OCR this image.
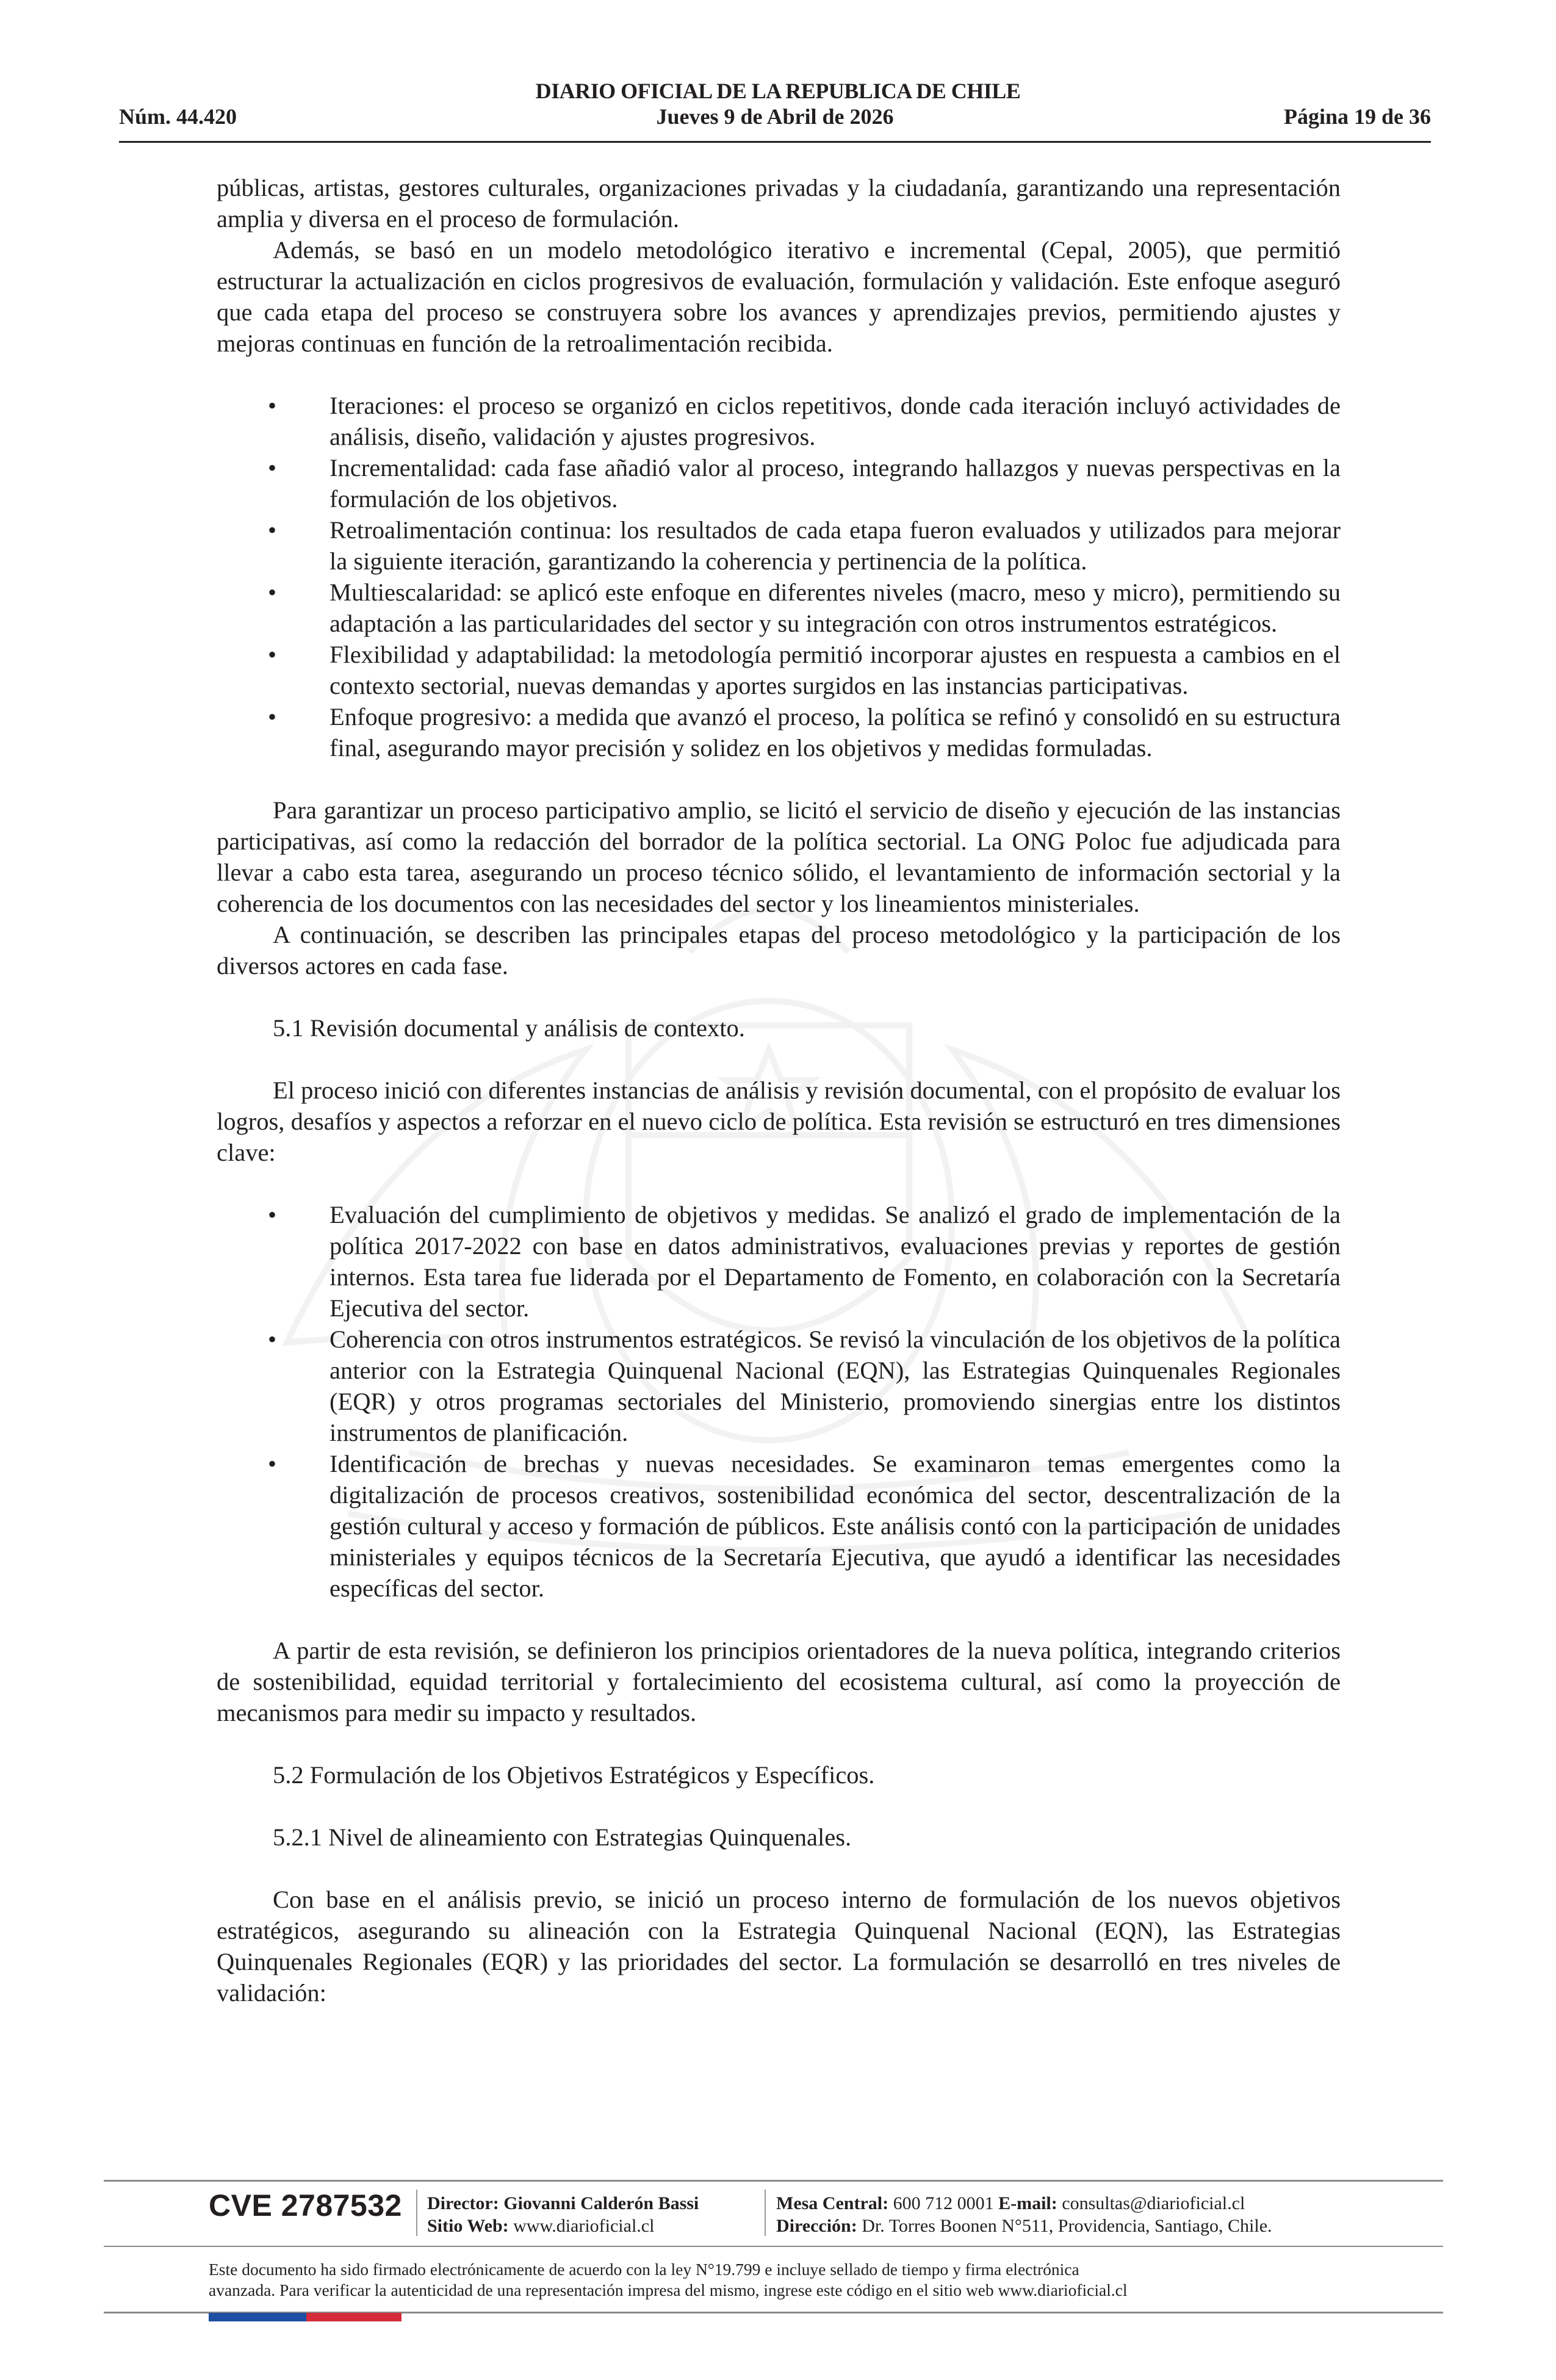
DIARIO OFICIAL DE LA REPUBLICA DE CHILE
Núm. 44.420	Jueves 9 de Abril de 2026	Página 19 de 36

públicas, artistas, gestores culturales, organizaciones privadas y la ciudadanía, garantizando una representación amplia y diversa en el proceso de formulación.

Además, se basó en un modelo metodológico iterativo e incremental (Cepal, 2005), que permitió estructurar la actualización en ciclos progresivos de evaluación, formulación y validación. Este enfoque aseguró que cada etapa del proceso se construyera sobre los avances y aprendizajes previos, permitiendo ajustes y mejoras continuas en función de la retroalimentación recibida.

• Iteraciones: el proceso se organizó en ciclos repetitivos, donde cada iteración incluyó actividades de análisis, diseño, validación y ajustes progresivos.
• Incrementalidad: cada fase añadió valor al proceso, integrando hallazgos y nuevas perspectivas en la formulación de los objetivos.
• Retroalimentación continua: los resultados de cada etapa fueron evaluados y utilizados para mejorar la siguiente iteración, garantizando la coherencia y pertinencia de la política.
• Multiescalaridad: se aplicó este enfoque en diferentes niveles (macro, meso y micro), permitiendo su adaptación a las particularidades del sector y su integración con otros instrumentos estratégicos.
• Flexibilidad y adaptabilidad: la metodología permitió incorporar ajustes en respuesta a cambios en el contexto sectorial, nuevas demandas y aportes surgidos en las instancias participativas.
• Enfoque progresivo: a medida que avanzó el proceso, la política se refinó y consolidó en su estructura final, asegurando mayor precisión y solidez en los objetivos y medidas formuladas.

Para garantizar un proceso participativo amplio, se licitó el servicio de diseño y ejecución de las instancias participativas, así como la redacción del borrador de la política sectorial. La ONG Poloc fue adjudicada para llevar a cabo esta tarea, asegurando un proceso técnico sólido, el levantamiento de información sectorial y la coherencia de los documentos con las necesidades del sector y los lineamientos ministeriales.

A continuación, se describen las principales etapas del proceso metodológico y la participación de los diversos actores en cada fase.

5.1 Revisión documental y análisis de contexto.

El proceso inició con diferentes instancias de análisis y revisión documental, con el propósito de evaluar los logros, desafíos y aspectos a reforzar en el nuevo ciclo de política. Esta revisión se estructuró en tres dimensiones clave:

• Evaluación del cumplimiento de objetivos y medidas. Se analizó el grado de implementación de la política 2017-2022 con base en datos administrativos, evaluaciones previas y reportes de gestión internos. Esta tarea fue liderada por el Departamento de Fomento, en colaboración con la Secretaría Ejecutiva del sector.
• Coherencia con otros instrumentos estratégicos. Se revisó la vinculación de los objetivos de la política anterior con la Estrategia Quinquenal Nacional (EQN), las Estrategias Quinquenales Regionales (EQR) y otros programas sectoriales del Ministerio, promoviendo sinergias entre los distintos instrumentos de planificación.
• Identificación de brechas y nuevas necesidades. Se examinaron temas emergentes como la digitalización de procesos creativos, sostenibilidad económica del sector, descentralización de la gestión cultural y acceso y formación de públicos. Este análisis contó con la participación de unidades ministeriales y equipos técnicos de la Secretaría Ejecutiva, que ayudó a identificar las necesidades específicas del sector.

A partir de esta revisión, se definieron los principios orientadores de la nueva política, integrando criterios de sostenibilidad, equidad territorial y fortalecimiento del ecosistema cultural, así como la proyección de mecanismos para medir su impacto y resultados.

5.2 Formulación de los Objetivos Estratégicos y Específicos.

5.2.1 Nivel de alineamiento con Estrategias Quinquenales.

Con base en el análisis previo, se inició un proceso interno de formulación de los nuevos objetivos estratégicos, asegurando su alineación con la Estrategia Quinquenal Nacional (EQN), las Estrategias Quinquenales Regionales (EQR) y las prioridades del sector. La formulación se desarrolló en tres niveles de validación:

CVE 2787532 Director: Giovanni Calderón Bassi
Sitio Web: www.diarioficial.cl
Mesa Central: 600 712 0001 E-mail: consultas@diarioficial.cl
Dirección: Dr. Torres Boonen N°511, Providencia, Santiago, Chile.
Este documento ha sido firmado electrónicamente de acuerdo con la ley N°19.799 e incluye sellado de tiempo y firma electrónica
avanzada. Para verificar la autenticidad de una representación impresa del mismo, ingrese este código en el sitio web www.diarioficial.cl
